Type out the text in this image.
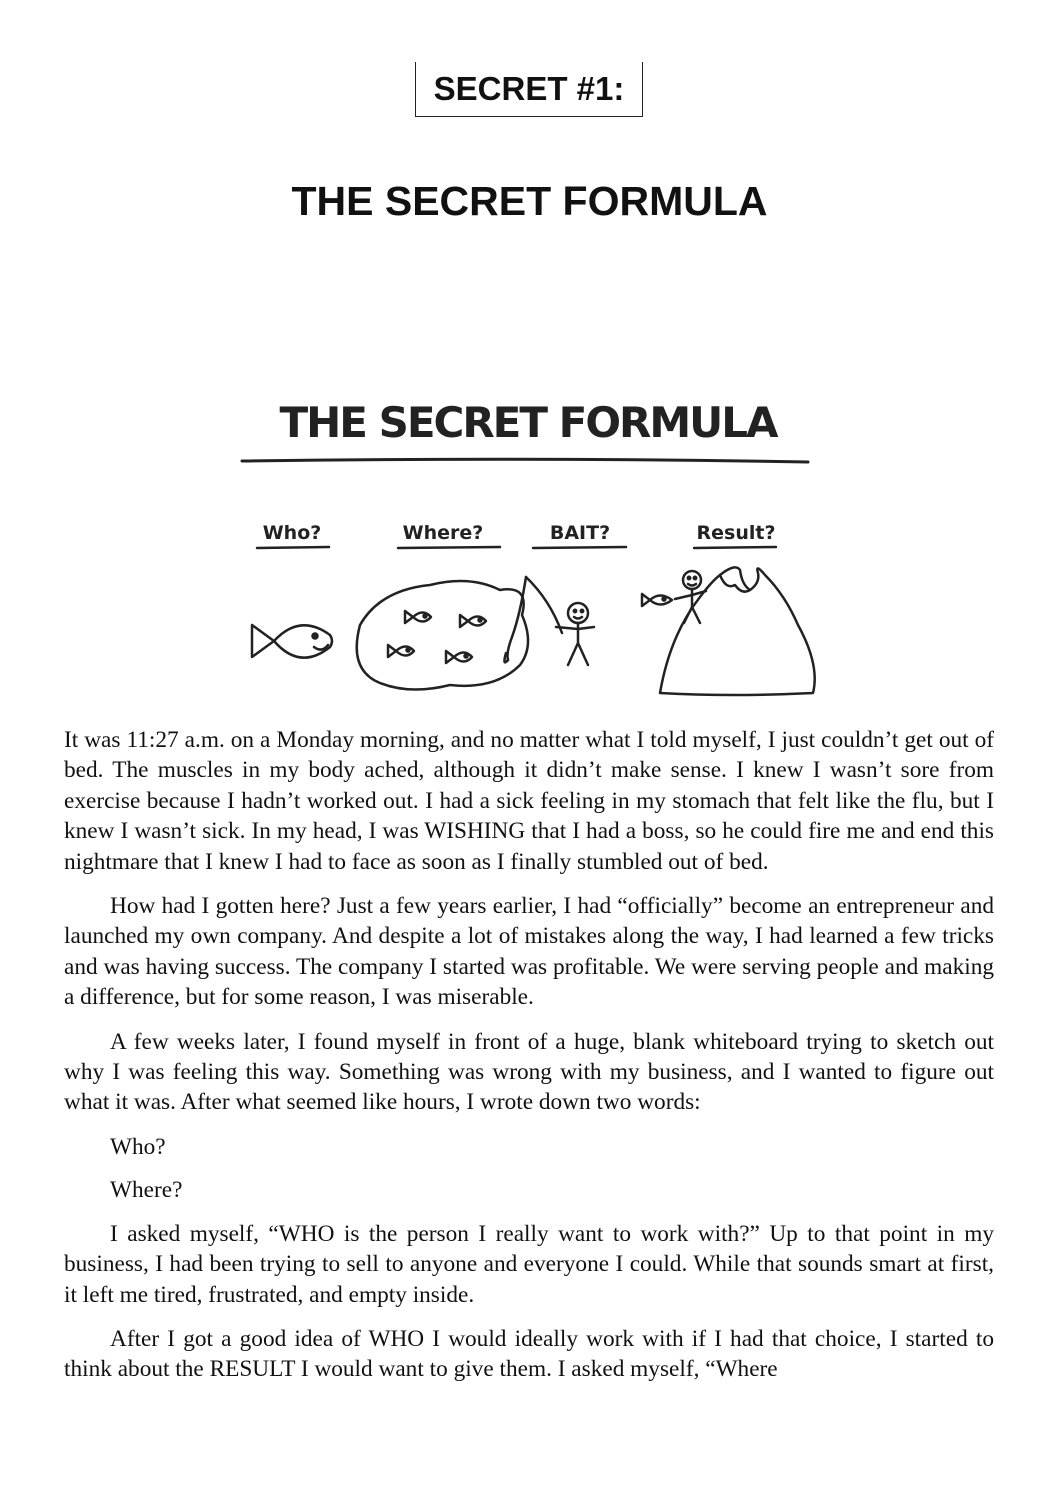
SECRET #1:
THE SECRET FORMULA
THE SECRET FORMULA
Who?	Where?	BAIT?	Result?

It was 11:27 a.m. on a Monday morning, and no matter what I told myself, I just couldn’t get out of bed. The muscles in my body ached, although it didn’t make sense. I knew I wasn’t sore from exercise because I hadn’t worked out. I had a sick feeling in my stomach that felt like the flu, but I knew I wasn’t sick. In my head, I was WISHING that I had a boss, so he could fire me and end this nightmare that I knew I had to face as soon as I finally stumbled out of bed.

How had I gotten here? Just a few years earlier, I had “officially” become an entrepreneur and launched my own company. And despite a lot of mistakes along the way, I had learned a few tricks and was having success. The company I started was profitable. We were serving people and making a difference, but for some reason, I was miserable.

A few weeks later, I found myself in front of a huge, blank whiteboard trying to sketch out why I was feeling this way. Something was wrong with my business, and I wanted to figure out what it was. After what seemed like hours, I wrote down two words:

Who?

Where?

I asked myself, “WHO is the person I really want to work with?” Up to that point in my business, I had been trying to sell to anyone and everyone I could. While that sounds smart at first, it left me tired, frustrated, and empty inside.

After I got a good idea of WHO I would ideally work with if I had that choice, I started to think about the RESULT I would want to give them. I asked myself, “Where
